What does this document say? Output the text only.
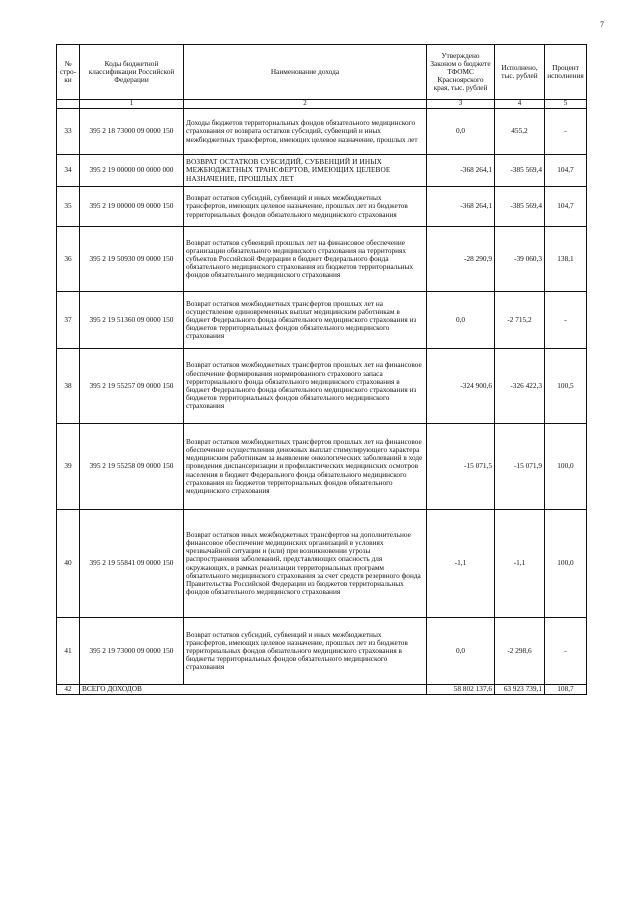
7
№ стро-ки	Коды бюджетной классификации Российской Федерации	Наименование дохода	Утверждено Законом о бюджете ТФОМС Красноярского края, тыс. рублей	Исполнено, тыс. рублей	Процент исполнения
	1	2	3	4	5
33	395 2 18 73000 09 0000 150	Доходы бюджетов территориальных фондов обязательного медицинского страхования от возврата остатков субсидий, субвенций и иных межбюджетных трансфертов, имеющих целевое назначение, прошлых лет	0,0	455,2	-
34	395 2 19 00000 00 0000 000	ВОЗВРАТ ОСТАТКОВ СУБСИДИЙ, СУБВЕНЦИЙ И ИНЫХ МЕЖБЮДЖЕТНЫХ ТРАНСФЕРТОВ, ИМЕЮЩИХ ЦЕЛЕВОЕ НАЗНАЧЕНИЕ, ПРОШЛЫХ ЛЕТ	-368 264,1	-385 569,4	104,7
35	395 2 19 00000 09 0000 150	Возврат остатков субсидий, субвенций и иных межбюджетных трансфертов, имеющих целевое назначение, прошлых лет из бюджетов территориальных фондов обязательного медицинского страхования	-368 264,1	-385 569,4	104,7
36	395 2 19 50930 09 0000 150	Возврат остатков субвенций прошлых лет на финансовое обеспечение организации обязательного медицинского страхования на территориях субъектов Российской Федерации в бюджет Федерального фонда обязательного медицинского страхования из бюджетов территориальных фондов обязательного медицинского страхования	-28 290,9	-39 060,3	138,1
37	395 2 19 51360 09 0000 150	Возврат остатков межбюджетных трансфертов прошлых лет на осуществление единовременных выплат медицинским работникам в бюджет Федерального фонда обязательного медицинского страхования из бюджетов территориальных фондов обязательного медицинского страхования	0,0	-2 715,2	-
38	395 2 19 55257 09 0000 150	Возврат остатков межбюджетных трансфертов прошлых лет на финансовое обеспечение формирования нормированного страхового запаса территориального фонда обязательного медицинского страхования в бюджет Федерального фонда обязательного медицинского страхования из бюджетов территориальных фондов обязательного медицинского страхования	-324 900,6	-326 422,3	100,5
39	395 2 19 55258 09 0000 150	Возврат остатков межбюджетных трансфертов прошлых лет на финансовое обеспечение осуществления денежных выплат стимулирующего характера медицинским работникам за выявление онкологических заболеваний в ходе проведения диспансеризации и профилактических медицинских осмотров населения в бюджет Федерального фонда обязательного медицинского страхования из бюджетов территориальных фондов обязательного медицинского страхования	-15 071,5	-15 071,9	100,0
40	395 2 19 55841 09 0000 150	Возврат остатков иных межбюджетных трансфертов на дополнительное финансовое обеспечение медицинских организаций в условиях чрезвычайной ситуации и (или) при возникновении угрозы распространения заболеваний, представляющих опасность для окружающих, в рамках реализации территориальных программ обязательного медицинского страхования за счет средств резервного фонда Правительства Российской Федерации из бюджетов территориальных фондов обязательного медицинского страхования	-1,1	-1,1	100,0
41	395 2 19 73000 09 0000 150	Возврат остатков субсидий, субвенций и иных межбюджетных трансфертов, имеющих целевое назначение, прошлых лет из бюджетов территориальных фондов обязательного медицинского страхования в бюджеты территориальных фондов обязательного медицинского страхования	0,0	-2 298,6	-
42	ВСЕГО ДОХОДОВ		58 802 137,6	63 923 739,1	108,7
